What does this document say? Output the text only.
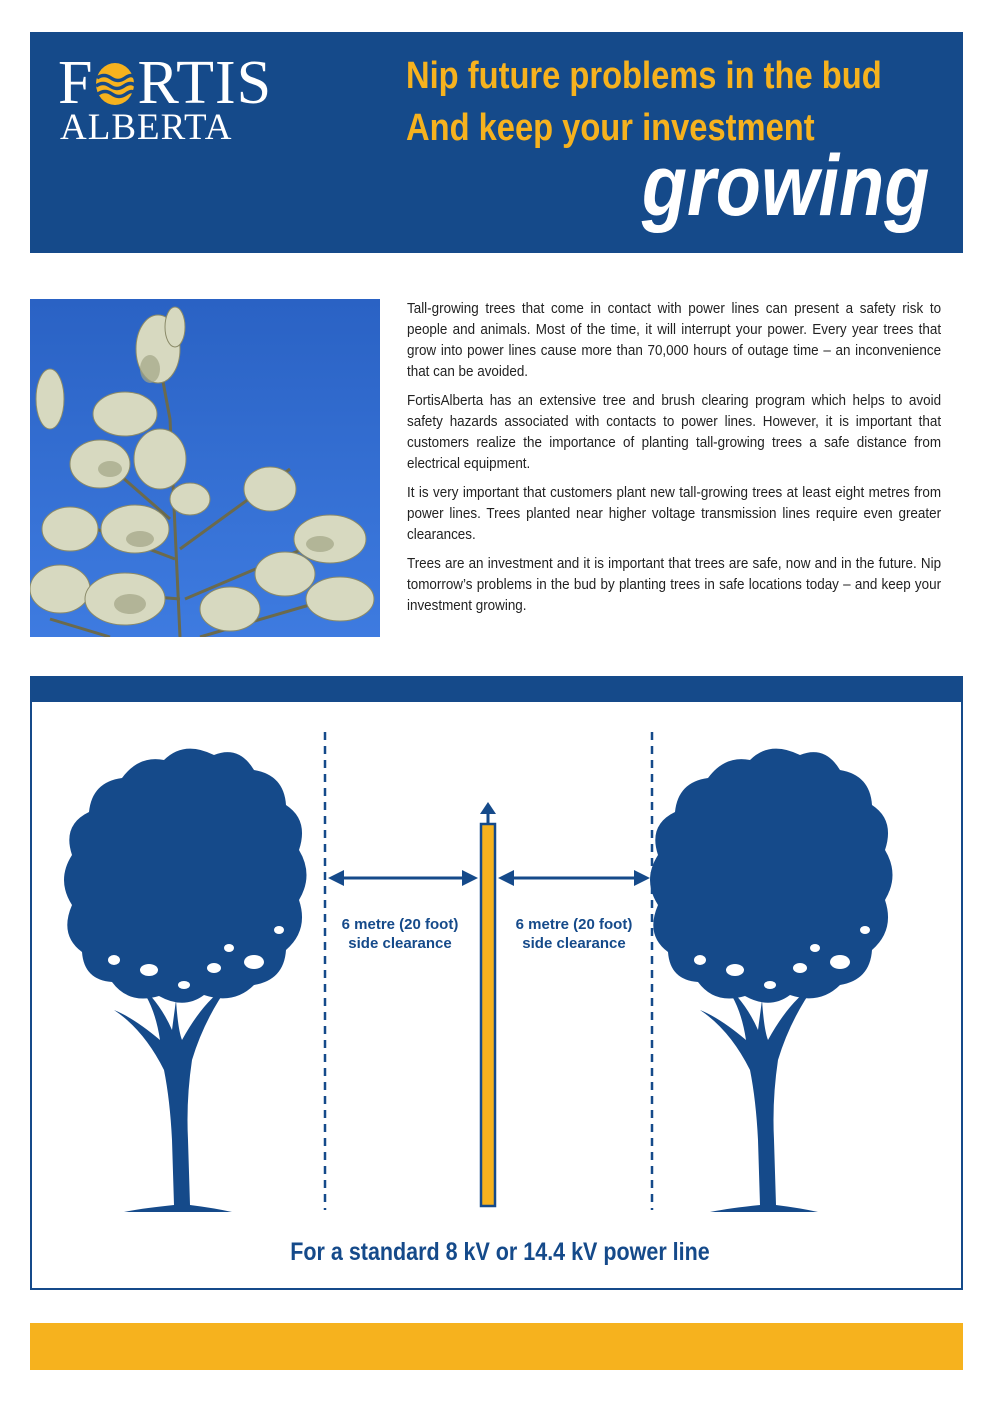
F RTIS
ALBERTA
Nip future problems in the bud
And keep your investment
growing

Tall-growing trees that come in contact with power lines can present a safety risk to people and animals. Most of the time, it will interrupt your power. Every year trees that grow into power lines cause more than 70,000 hours of outage time – an inconvenience that can be avoided.

FortisAlberta has an extensive tree and brush clearing program which helps to avoid safety hazards associated with contacts to power lines. However, it is important that customers realize the importance of planting tall-growing trees a safe distance from electrical equipment.

It is very important that customers plant new tall-growing trees at least eight metres from power lines. Trees planted near higher voltage transmission lines require even greater clearances.

Trees are an investment and it is important that trees are safe, now and in the future. Nip tomorrow’s problems in the bud by planting trees in safe locations today – and keep your investment growing.

6 metre (20 foot)
side clearance
6 metre (20 foot)
side clearance
For a standard 8 kV or 14.4 kV power line
